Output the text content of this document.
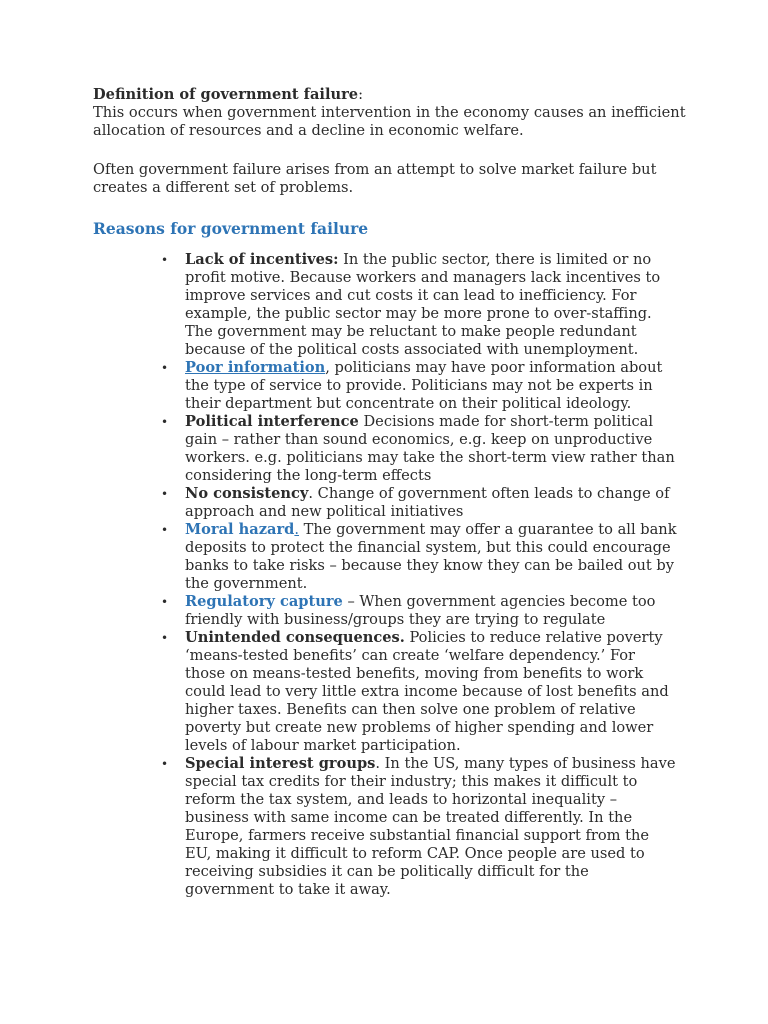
Definition of government failure:
This occurs when government intervention in the economy causes an inefficient allocation of resources and a decline in economic welfare.

Often government failure arises from an attempt to solve market failure but creates a different set of problems.

Reasons for government failure
• Lack of incentives: In the public sector, there is limited or no profit motive. Because workers and managers lack incentives to improve services and cut costs it can lead to inefficiency. For example, the public sector may be more prone to over-staffing. The government may be reluctant to make people redundant because of the political costs associated with unemployment.
• Poor information, politicians may have poor information about the type of service to provide. Politicians may not be experts in their department but concentrate on their political ideology.
• Political interference Decisions made for short-term political gain – rather than sound economics, e.g. keep on unproductive workers. e.g. politicians may take the short-term view rather than considering the long-term effects
• No consistency. Change of government often leads to change of approach and new political initiatives
• Moral hazard. The government may offer a guarantee to all bank deposits to protect the financial system, but this could encourage banks to take risks – because they know they can be bailed out by the government.
• Regulatory capture – When government agencies become too friendly with business/groups they are trying to regulate
• Unintended consequences. Policies to reduce relative poverty ‘means-tested benefits’ can create ‘welfare dependency.’ For those on means-tested benefits, moving from benefits to work could lead to very little extra income because of lost benefits and higher taxes. Benefits can then solve one problem of relative poverty but create new problems of higher spending and lower levels of labour market participation.
• Special interest groups. In the US, many types of business have special tax credits for their industry; this makes it difficult to reform the tax system, and leads to horizontal inequality – business with same income can be treated differently. In the Europe, farmers receive substantial financial support from the EU, making it difficult to reform CAP. Once people are used to receiving subsidies it can be politically difficult for the government to take it away.
